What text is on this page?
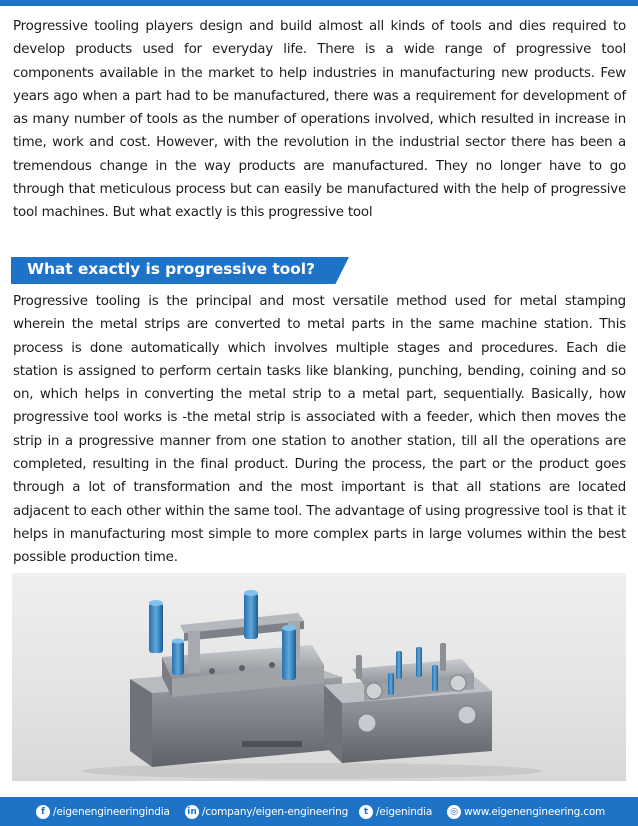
Progressive tooling players design and build almost all kinds of tools and dies required to develop products used for everyday life. There is a wide range of progressive tool components available in the market to help industries in manufacturing new products. Few years ago when a part had to be manufactured, there was a requirement for development of as many number of tools as the number of operations involved, which resulted in increase in time, work and cost. However, with the revolution in the industrial sector there has been a tremendous change in the way products are manufactured. They no longer have to go through that meticulous process but can easily be manufactured with the help of progressive tool machines. But what exactly is this progressive tool

What exactly is progressive tool?

Progressive tooling is the principal and most versatile method used for metal stamping wherein the metal strips are converted to metal parts in the same machine station. This process is done automatically which involves multiple stages and procedures. Each die station is assigned to perform certain tasks like blanking, punching, bending, coining and so on, which helps in converting the metal strip to a metal part, sequentially. Basically, how progressive tool works is -the metal strip is associated with a feeder, which then moves the strip in a progressive manner from one station to another station, till all the operations are completed, resulting in the final product. During the process, the part or the product goes through a lot of transformation and the most important is that all stations are located adjacent to each other within the same tool. The advantage of using progressive tool is that it helps in manufacturing most simple to more complex parts in large volumes within the best possible production time.

f /eigenengineeringindia in /company/eigen-engineering	t /eigenindia	◎ www.eigenengineering.com
